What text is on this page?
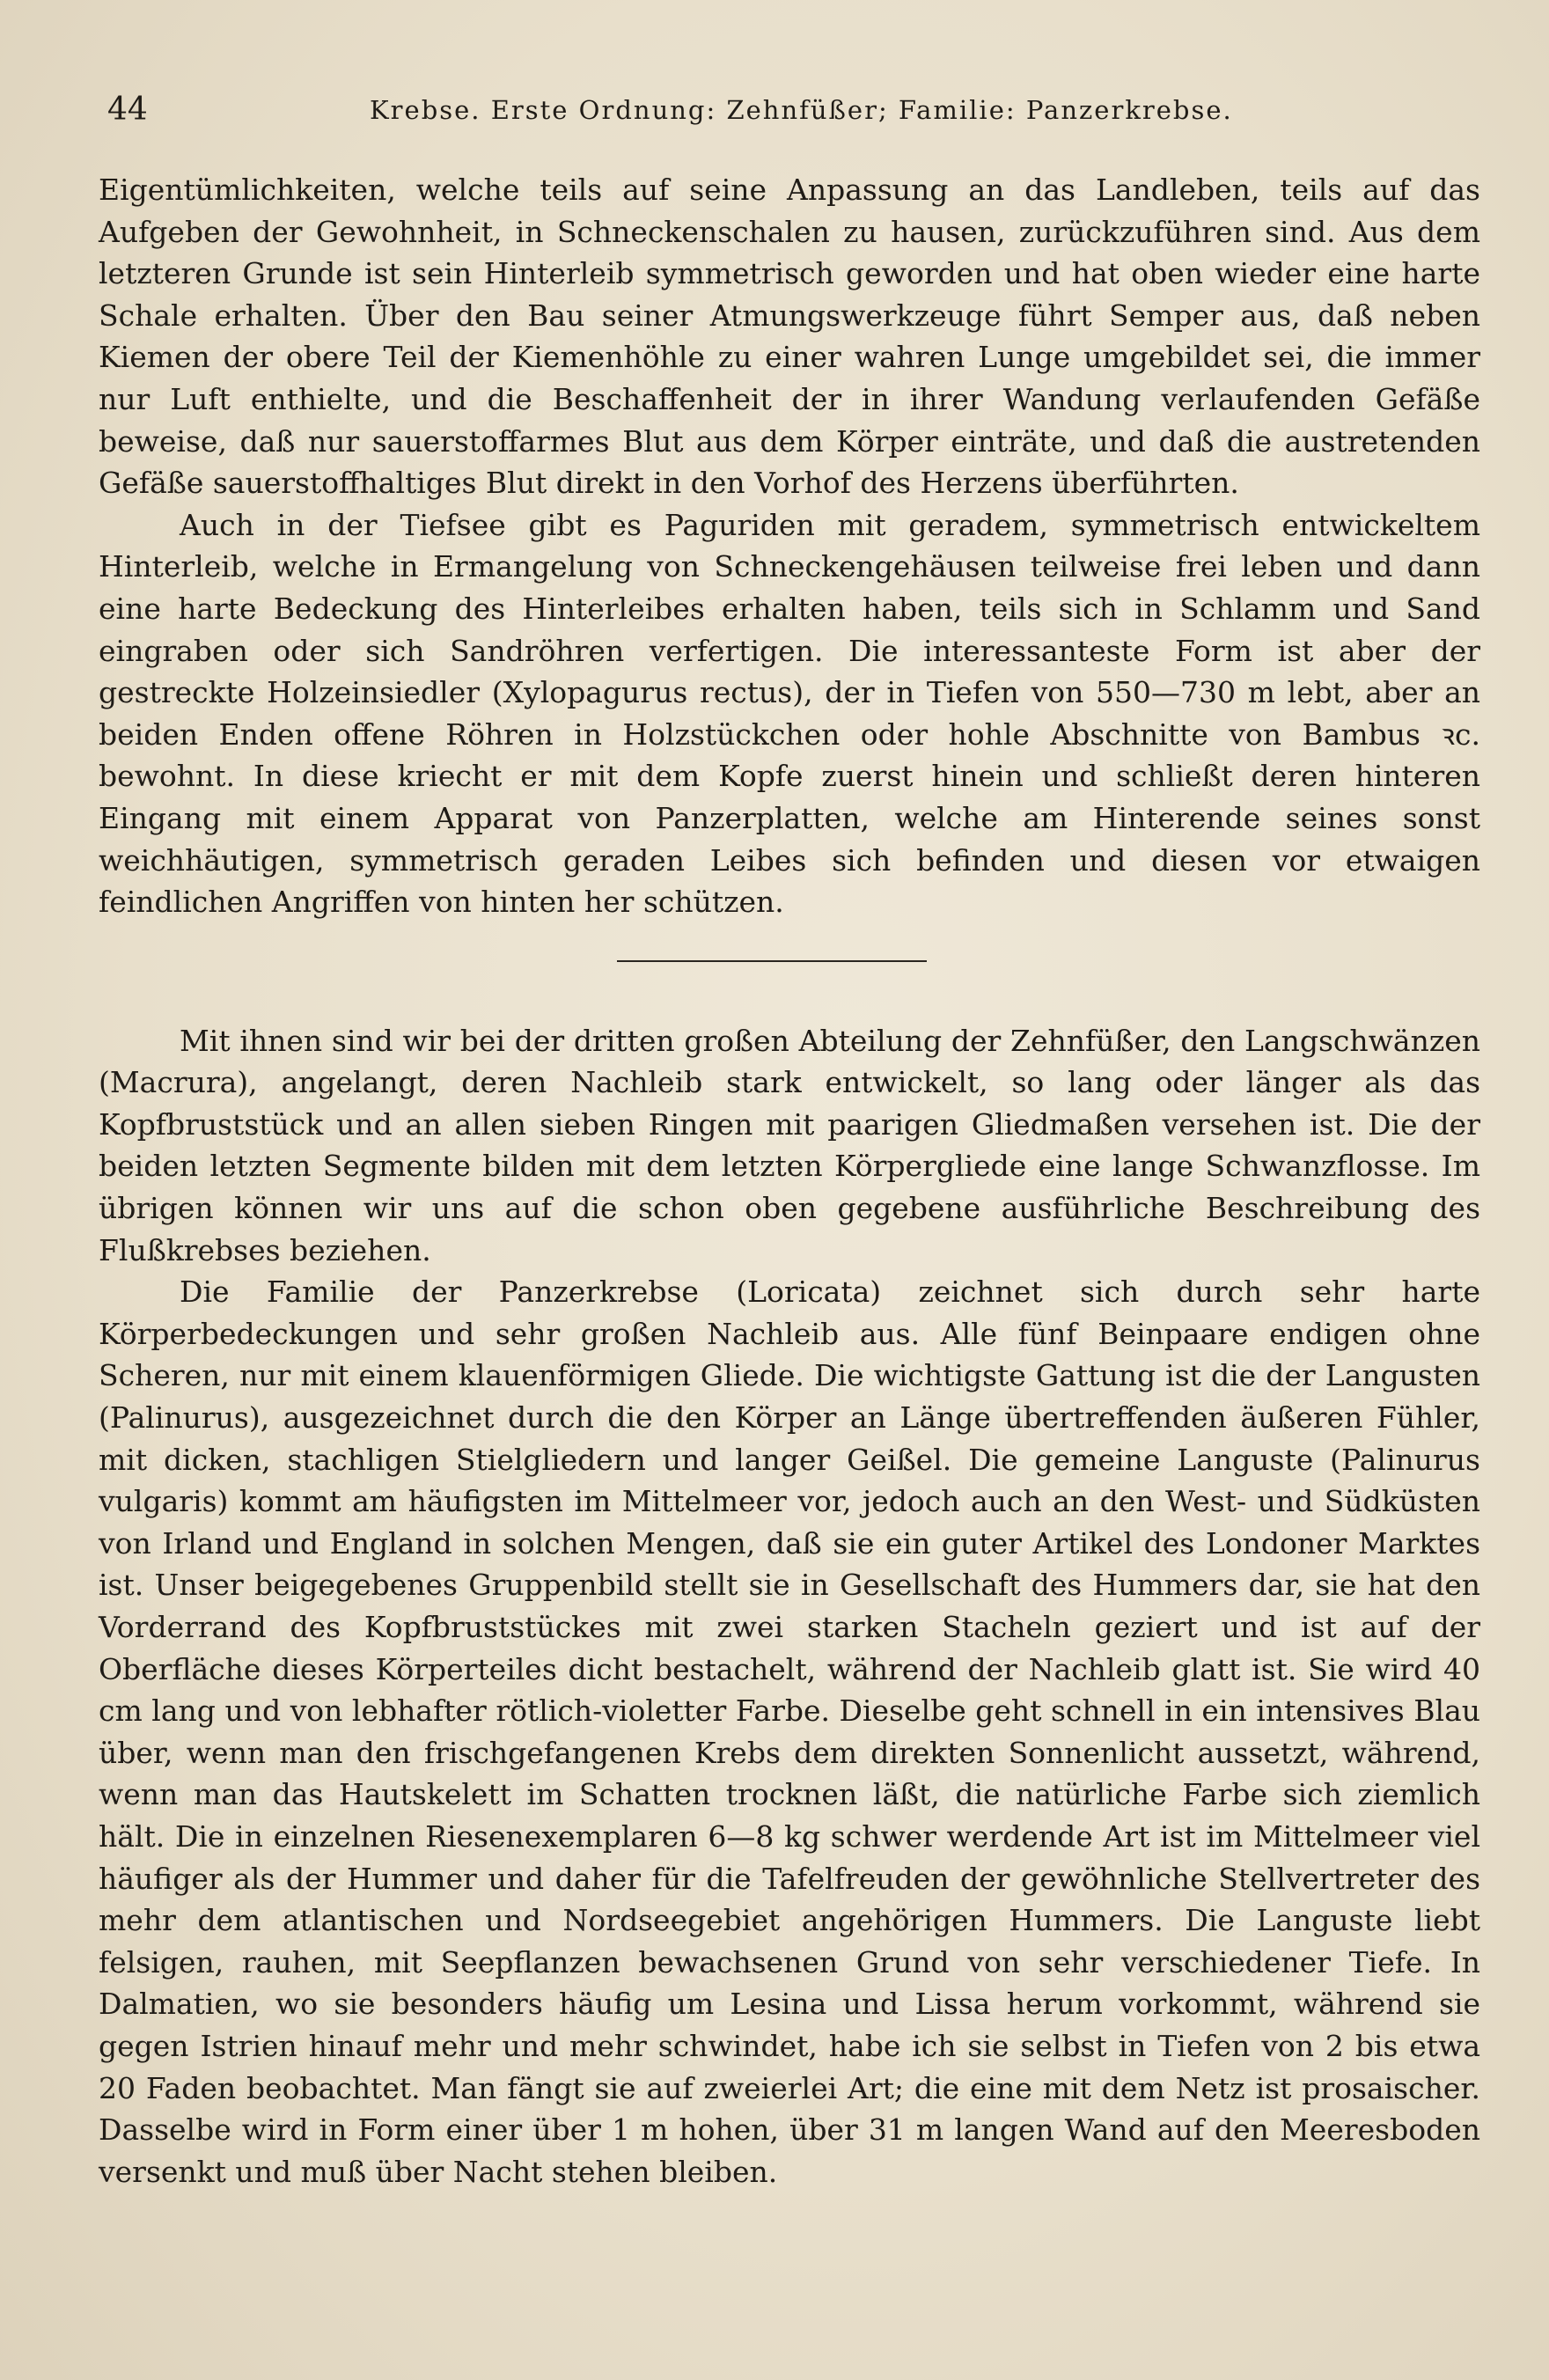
44	Krebse. Erste Ordnung: Zehnfüßer; Familie: Panzerkrebse.

Eigentümlichkeiten, welche teils auf seine Anpassung an das Landleben, teils auf das Aufgeben der Gewohnheit, in Schneckenschalen zu hausen, zurückzuführen sind. Aus dem letzteren Grunde ist sein Hinterleib symmetrisch geworden und hat oben wieder eine harte Schale erhalten. Über den Bau seiner Atmungswerkzeuge führt Semper aus, daß neben Kiemen der obere Teil der Kiemenhöhle zu einer wahren Lunge umgebildet sei, die immer nur Luft enthielte, und die Beschaffenheit der in ihrer Wandung verlaufenden Gefäße beweise, daß nur sauerstoffarmes Blut aus dem Körper einträte, und daß die austretenden Gefäße sauerstoffhaltiges Blut direkt in den Vorhof des Herzens überführten.

Auch in der Tiefsee gibt es Paguriden mit geradem, symmetrisch entwickeltem Hinterleib, welche in Ermangelung von Schneckengehäusen teilweise frei leben und dann eine harte Bedeckung des Hinterleibes erhalten haben, teils sich in Schlamm und Sand eingraben oder sich Sandröhren verfertigen. Die interessanteste Form ist aber der gestreckte Holzeinsiedler (Xylopagurus rectus), der in Tiefen von 550—730 m lebt, aber an beiden Enden offene Röhren in Holzstückchen oder hohle Abschnitte von Bambus ꝛc. bewohnt. In diese kriecht er mit dem Kopfe zuerst hinein und schließt deren hinteren Eingang mit einem Apparat von Panzerplatten, welche am Hinterende seines sonst weichhäutigen, symmetrisch geraden Leibes sich befinden und diesen vor etwaigen feindlichen Angriffen von hinten her schützen.

Mit ihnen sind wir bei der dritten großen Abteilung der Zehnfüßer, den Langschwänzen (Macrura), angelangt, deren Nachleib stark entwickelt, so lang oder länger als das Kopfbruststück und an allen sieben Ringen mit paarigen Gliedmaßen versehen ist. Die der beiden letzten Segmente bilden mit dem letzten Körpergliede eine lange Schwanzflosse. Im übrigen können wir uns auf die schon oben gegebene ausführliche Beschreibung des Flußkrebses beziehen.

Die Familie der Panzerkrebse (Loricata) zeichnet sich durch sehr harte Körperbedeckungen und sehr großen Nachleib aus. Alle fünf Beinpaare endigen ohne Scheren, nur mit einem klauenförmigen Gliede. Die wichtigste Gattung ist die der Langusten (Palinurus), ausgezeichnet durch die den Körper an Länge übertreffenden äußeren Fühler, mit dicken, stachligen Stielgliedern und langer Geißel. Die gemeine Languste (Palinurus vulgaris) kommt am häufigsten im Mittelmeer vor, jedoch auch an den West- und Südküsten von Irland und England in solchen Mengen, daß sie ein guter Artikel des Londoner Marktes ist. Unser beigegebenes Gruppenbild stellt sie in Gesellschaft des Hummers dar, sie hat den Vorderrand des Kopfbruststückes mit zwei starken Stacheln geziert und ist auf der Oberfläche dieses Körperteiles dicht bestachelt, während der Nachleib glatt ist. Sie wird 40 cm lang und von lebhafter rötlich-violetter Farbe. Dieselbe geht schnell in ein intensives Blau über, wenn man den frischgefangenen Krebs dem direkten Sonnenlicht aussetzt, während, wenn man das Hautskelett im Schatten trocknen läßt, die natürliche Farbe sich ziemlich hält. Die in einzelnen Riesenexemplaren 6—8 kg schwer werdende Art ist im Mittelmeer viel häufiger als der Hummer und daher für die Tafelfreuden der gewöhnliche Stellvertreter des mehr dem atlantischen und Nordseegebiet angehörigen Hummers. Die Languste liebt felsigen, rauhen, mit Seepflanzen bewachsenen Grund von sehr verschiedener Tiefe. In Dalmatien, wo sie besonders häufig um Lesina und Lissa herum vorkommt, während sie gegen Istrien hinauf mehr und mehr schwindet, habe ich sie selbst in Tiefen von 2 bis etwa 20 Faden beobachtet. Man fängt sie auf zweierlei Art; die eine mit dem Netz ist prosaischer. Dasselbe wird in Form einer über 1 m hohen, über 31 m langen Wand auf den Meeresboden versenkt und muß über Nacht stehen bleiben.
